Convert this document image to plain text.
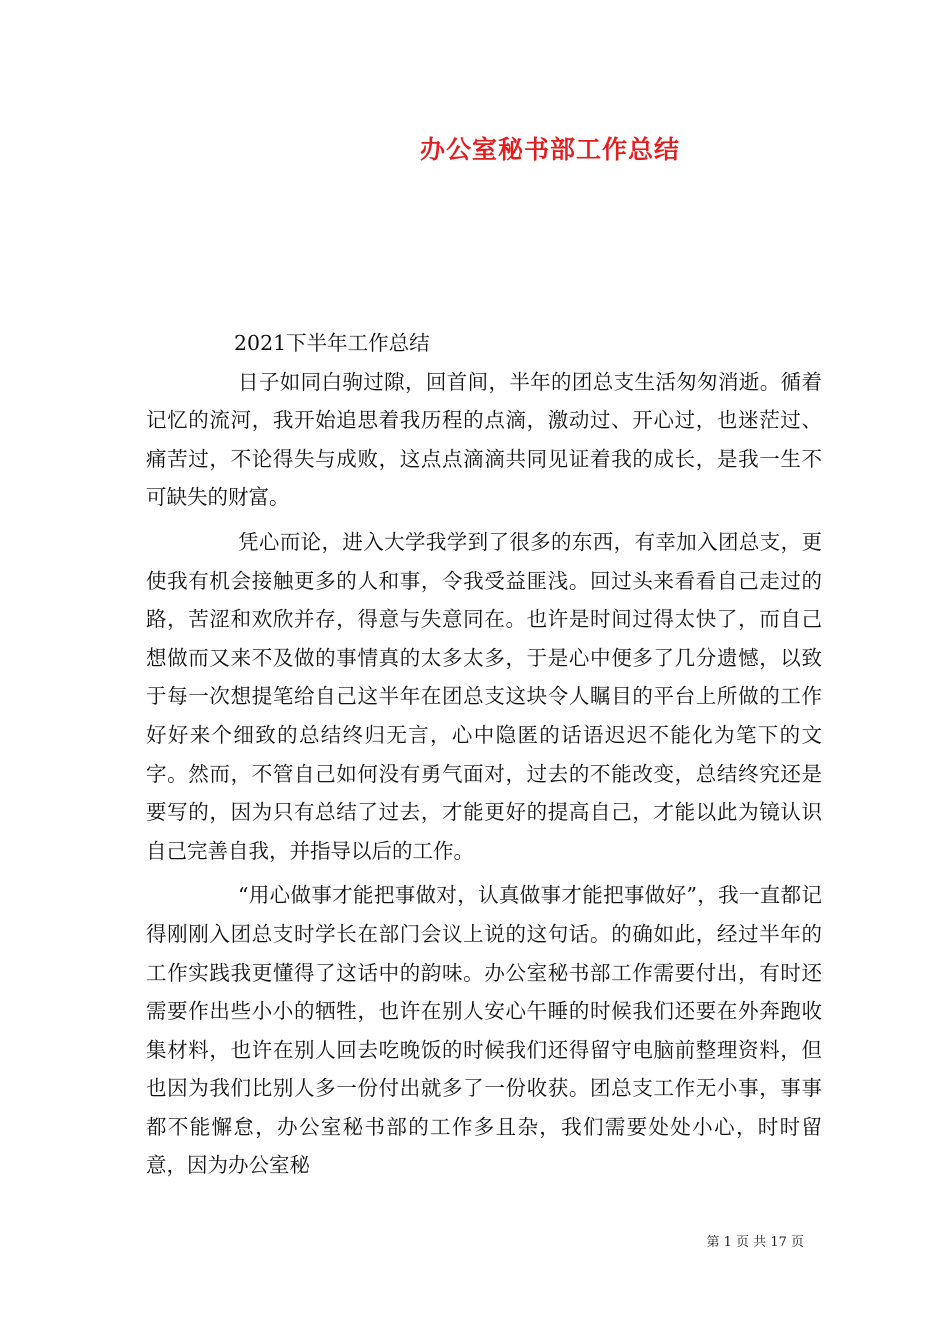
办公室秘书部工作总结

2021下半年工作总结

日子如同白驹过隙，回首间，半年的团总支生活匆匆消逝。循着记忆的流河，我开始追思着我历程的点滴，激动过、开心过，也迷茫过、痛苦过，不论得失与成败，这点点滴滴共同见证着我的成长，是我一生不可缺失的财富。

凭心而论，进入大学我学到了很多的东西，有幸加入团总支，更使我有机会接触更多的人和事，令我受益匪浅。回过头来看看自己走过的路，苦涩和欢欣并存，得意与失意同在。也许是时间过得太快了，而自己想做而又来不及做的事情真的太多太多，于是心中便多了几分遗憾，以致于每一次想提笔给自己这半年在团总支这块令人瞩目的平台上所做的工作好好来个细致的总结终归无言，心中隐匿的话语迟迟不能化为笔下的文字。然而，不管自己如何没有勇气面对，过去的不能改变，总结终究还是要写的，因为只有总结了过去，才能更好的提高自己，才能以此为镜认识自己完善自我，并指导以后的工作。

“用心做事才能把事做对，认真做事才能把事做好”，我一直都记得刚刚入团总支时学长在部门会议上说的这句话。的确如此，经过半年的工作实践我更懂得了这话中的韵味。办公室秘书部工作需要付出，有时还需要作出些小小的牺牲，也许在别人安心午睡的时候我们还要在外奔跑收集材料，也许在别人回去吃晚饭的时候我们还得留守电脑前整理资料，但也因为我们比别人多一份付出就多了一份收获。团总支工作无小事，事事都不能懈怠，办公室秘书部的工作多且杂，我们需要处处小心，时时留意，因为办公室秘

第 1 页 共 17 页
